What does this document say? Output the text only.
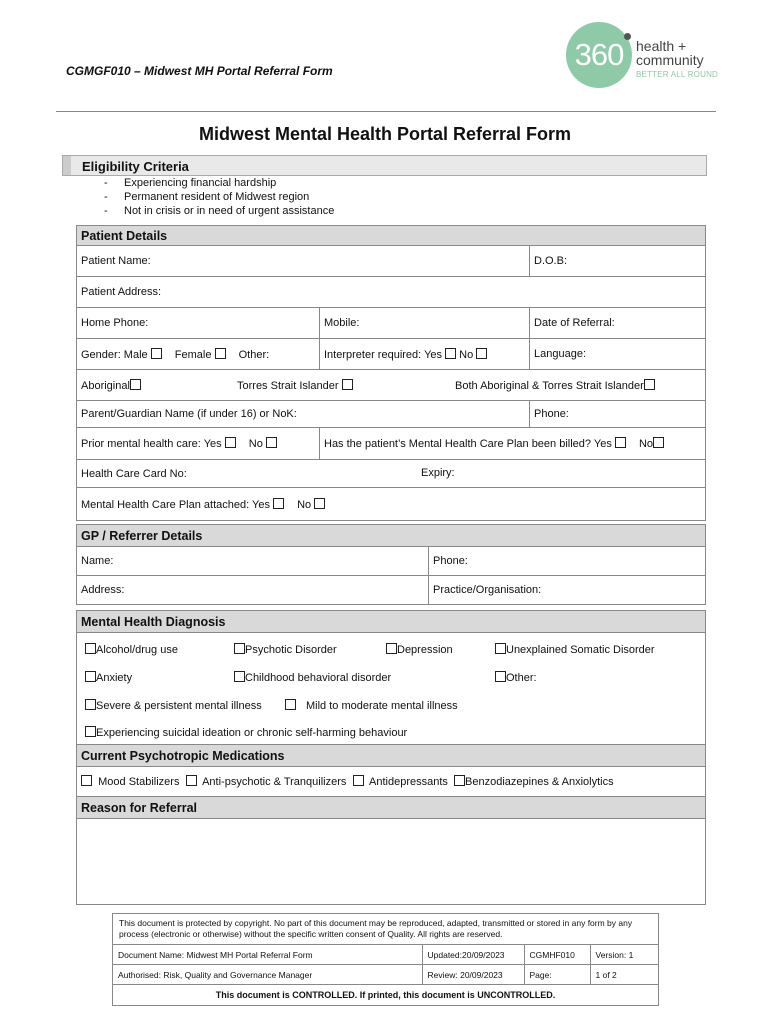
CGMGF010 – Midwest MH Portal Referral Form	360 health +
community
BETTER ALL ROUND
Midwest Mental Health Portal Referral Form
Eligibility Criteria
- Experiencing financial hardship
- Permanent resident of Midwest region
- Not in crisis or in need of urgent assistance
Patient Details		
Patient Name:		D.O.B:
Patient Address:		
Home Phone:	Mobile:	Date of Referral:
Gender: Male Female Other:	Interpreter required: Yes No	Language:
Aboriginal Torres Strait Islander Both Aboriginal & Torres Strait Islander		

Parent/Guardian Name (if under 16) or NoK:		Phone:
Prior mental health care: Yes No	Has the patient’s Mental Health Care Plan been billed? Yes No	
Health Care Card No: Expiry:		

Mental Health Care Plan attached: Yes No		
GP / Referrer Details	
Name:	Phone:
Address:	Practice/Organisation:
Mental Health Diagnosis

Alcohol/drug use	Psychotic Disorder	Depression	Unexplained Somatic Disorder
Anxiety	Childhood behavioral disorder	Other:
Severe & persistent mental illness	Mild to moderate mental illness
Experiencing suicidal ideation or chronic self-harming behaviour

Current Psychotropic Medications
Mood Stabilizers Anti-psychotic & Tranquilizers Antidepressants Benzodiazepines & Anxiolytics
Reason for Referral

This document is protected by copyright. No part of this document may be reproduced, adapted, transmitted or stored in any form by any process (electronic or otherwise) without the specific written consent of Quality. All rights are reserved.
Document Name: Midwest MH Portal Referral Form	Updated:20/09/2023	CGMHF010	Version: 1
Authorised: Risk, Quality and Governance Manager	Review: 20/09/2023	Page:	1 of 2
This document is CONTROLLED. If printed, this document is UNCONTROLLED.
